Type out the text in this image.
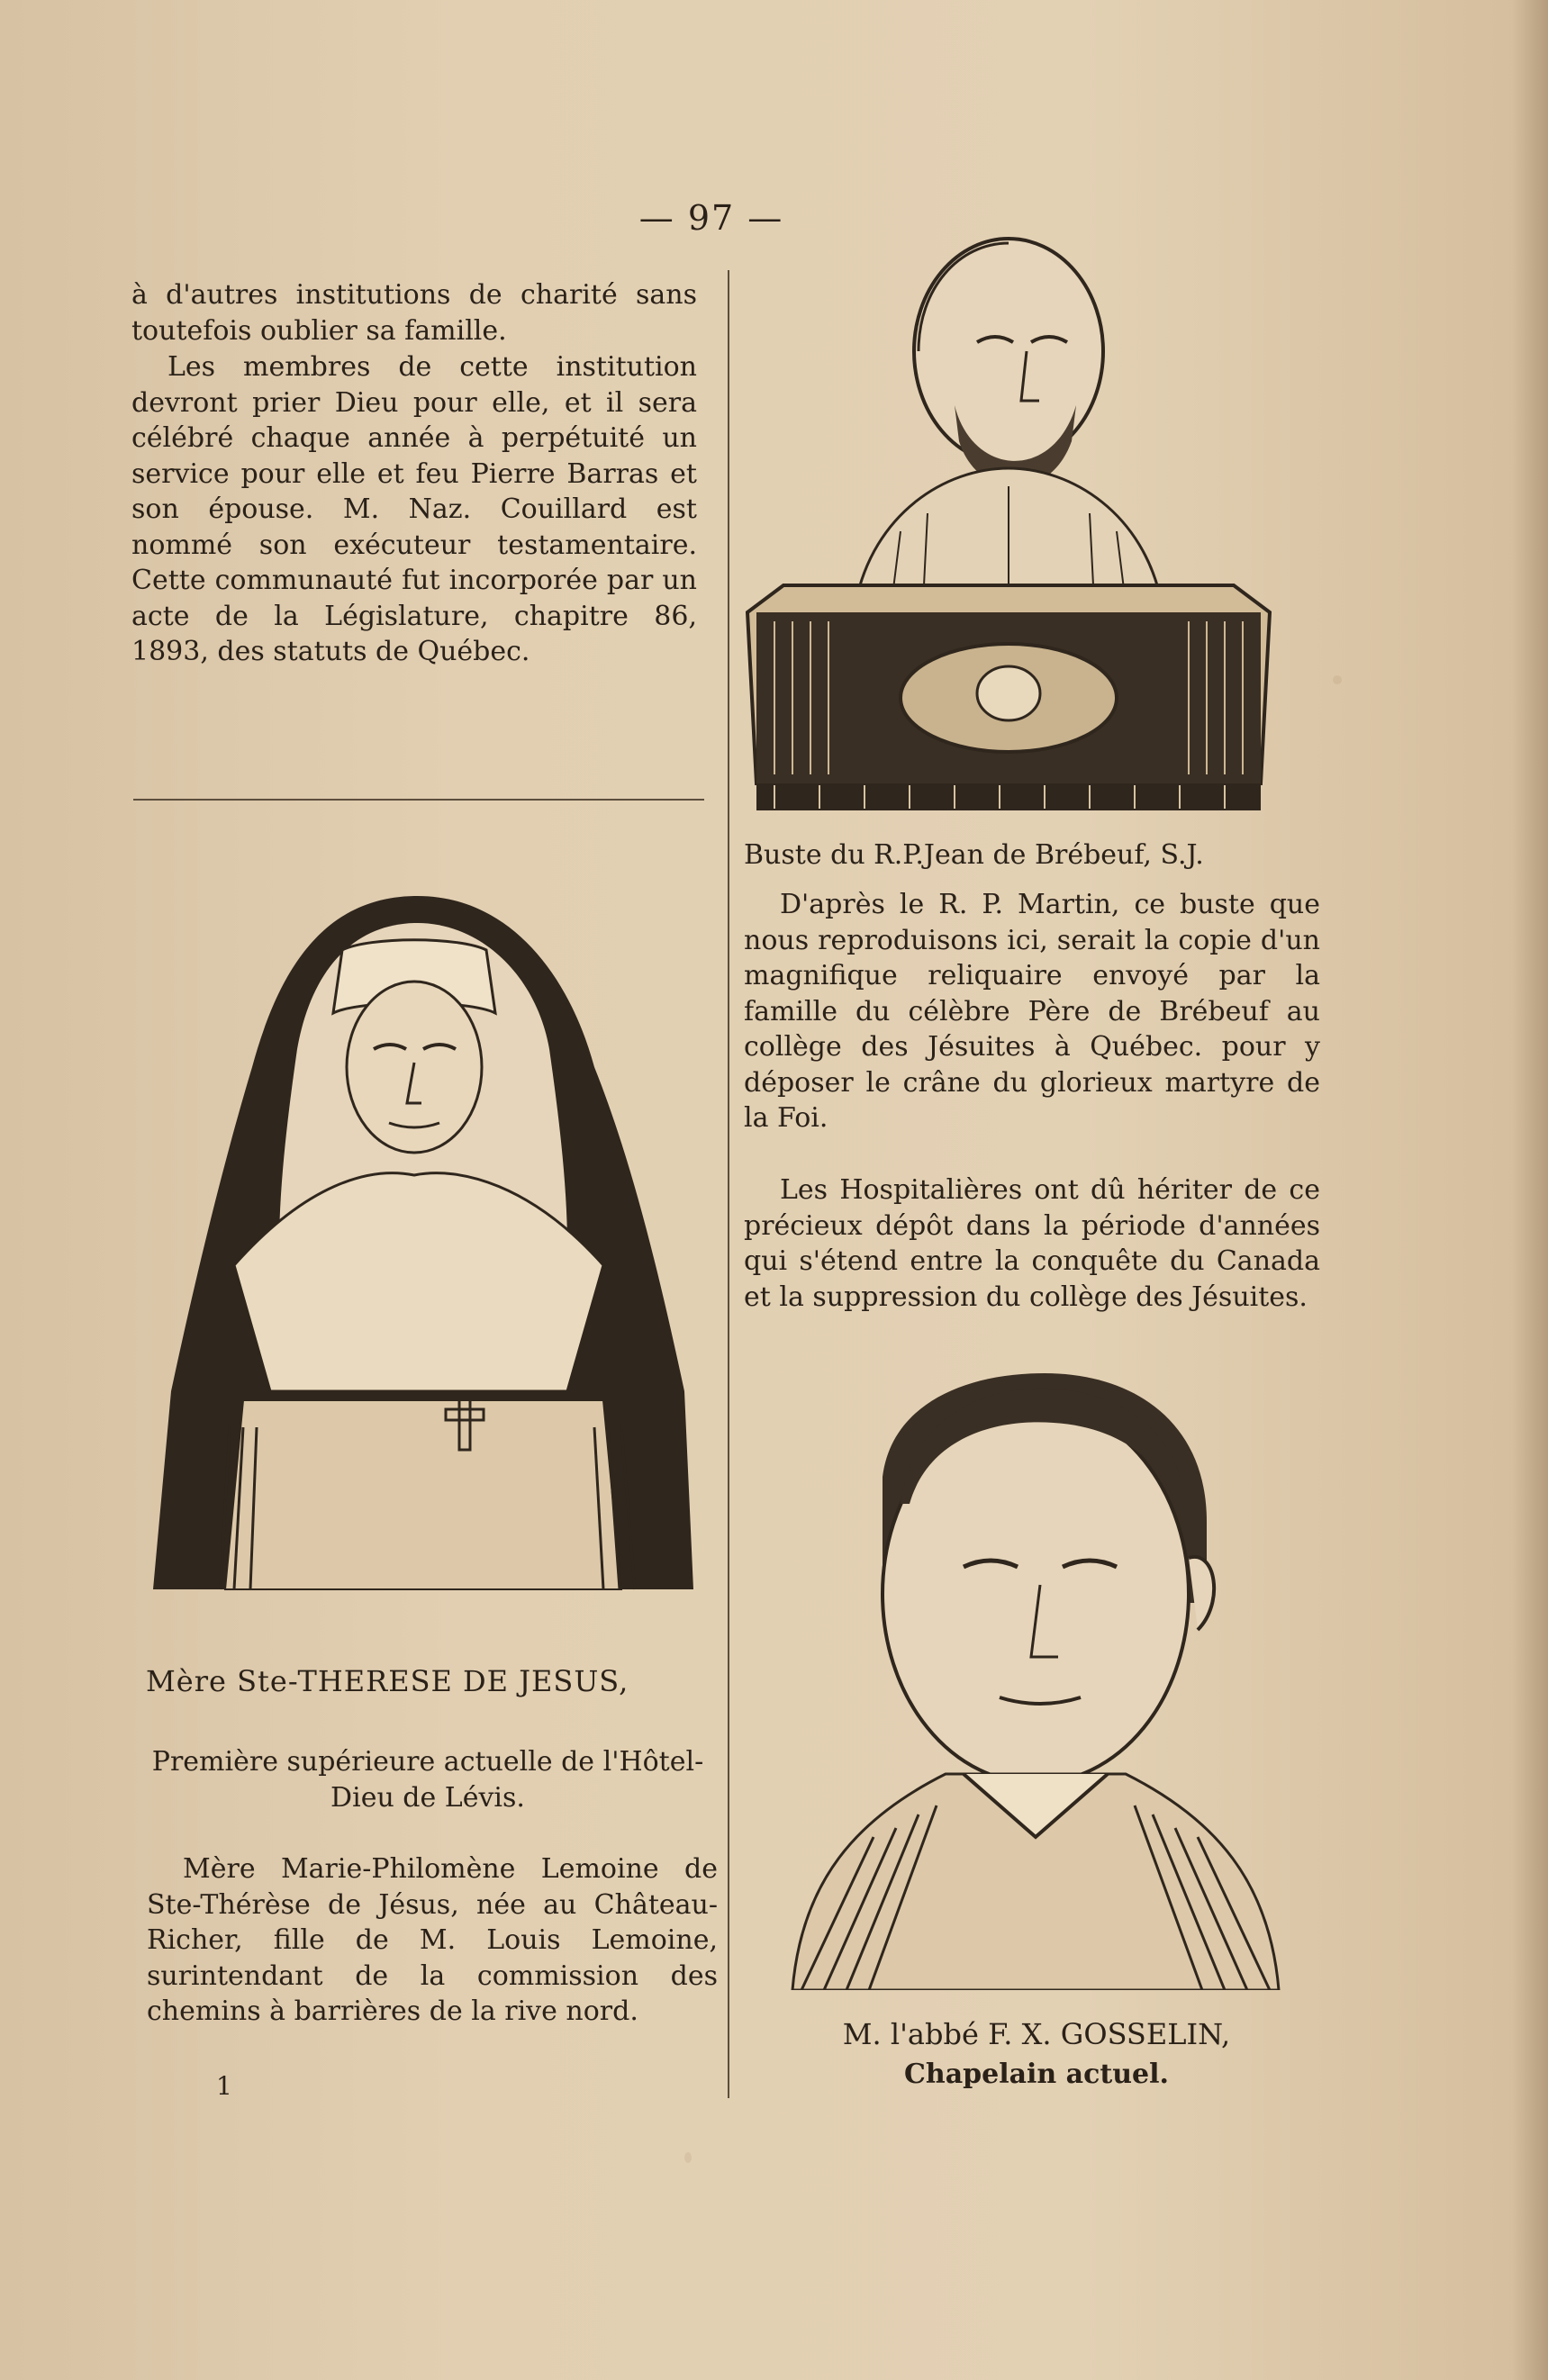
— 97 —

à d'autres institutions de charité sans toutefois oublier sa famille.

Les membres de cette institution devront prier Dieu pour elle, et il sera célébré chaque année à perpétuité un service pour elle et feu Pierre Barras et son épouse. M. Naz. Couillard est nommé son exécuteur testamentaire. Cette communauté fut incorporée par un acte de la Législature, chapitre 86, 1893, des statuts de Québec.

Mère Ste-THERESE DE JESUS,

Première supérieure actuelle de l'Hôtel-Dieu de Lévis.

Mère Marie-Philomène Lemoine de Ste-Thérèse de Jésus, née au Château-Richer, fille de M. Louis Lemoine, surintendant de la commission des chemins à barrières de la rive nord.

1

Buste du R.P.Jean de Brébeuf, S.J.

D'après le R. P. Martin, ce buste que nous reproduisons ici, serait la copie d'un magnifique reliquaire envoyé par la famille du célèbre Père de Brébeuf au collège des Jésuites à Québec. pour y déposer le crâne du glorieux martyre de la Foi.

Les Hospitalières ont dû hériter de ce précieux dépôt dans la période d'années qui s'étend entre la conquête du Canada et la suppression du collège des Jésuites.

M. l'abbé F. X. GOSSELIN,

Chapelain actuel.
